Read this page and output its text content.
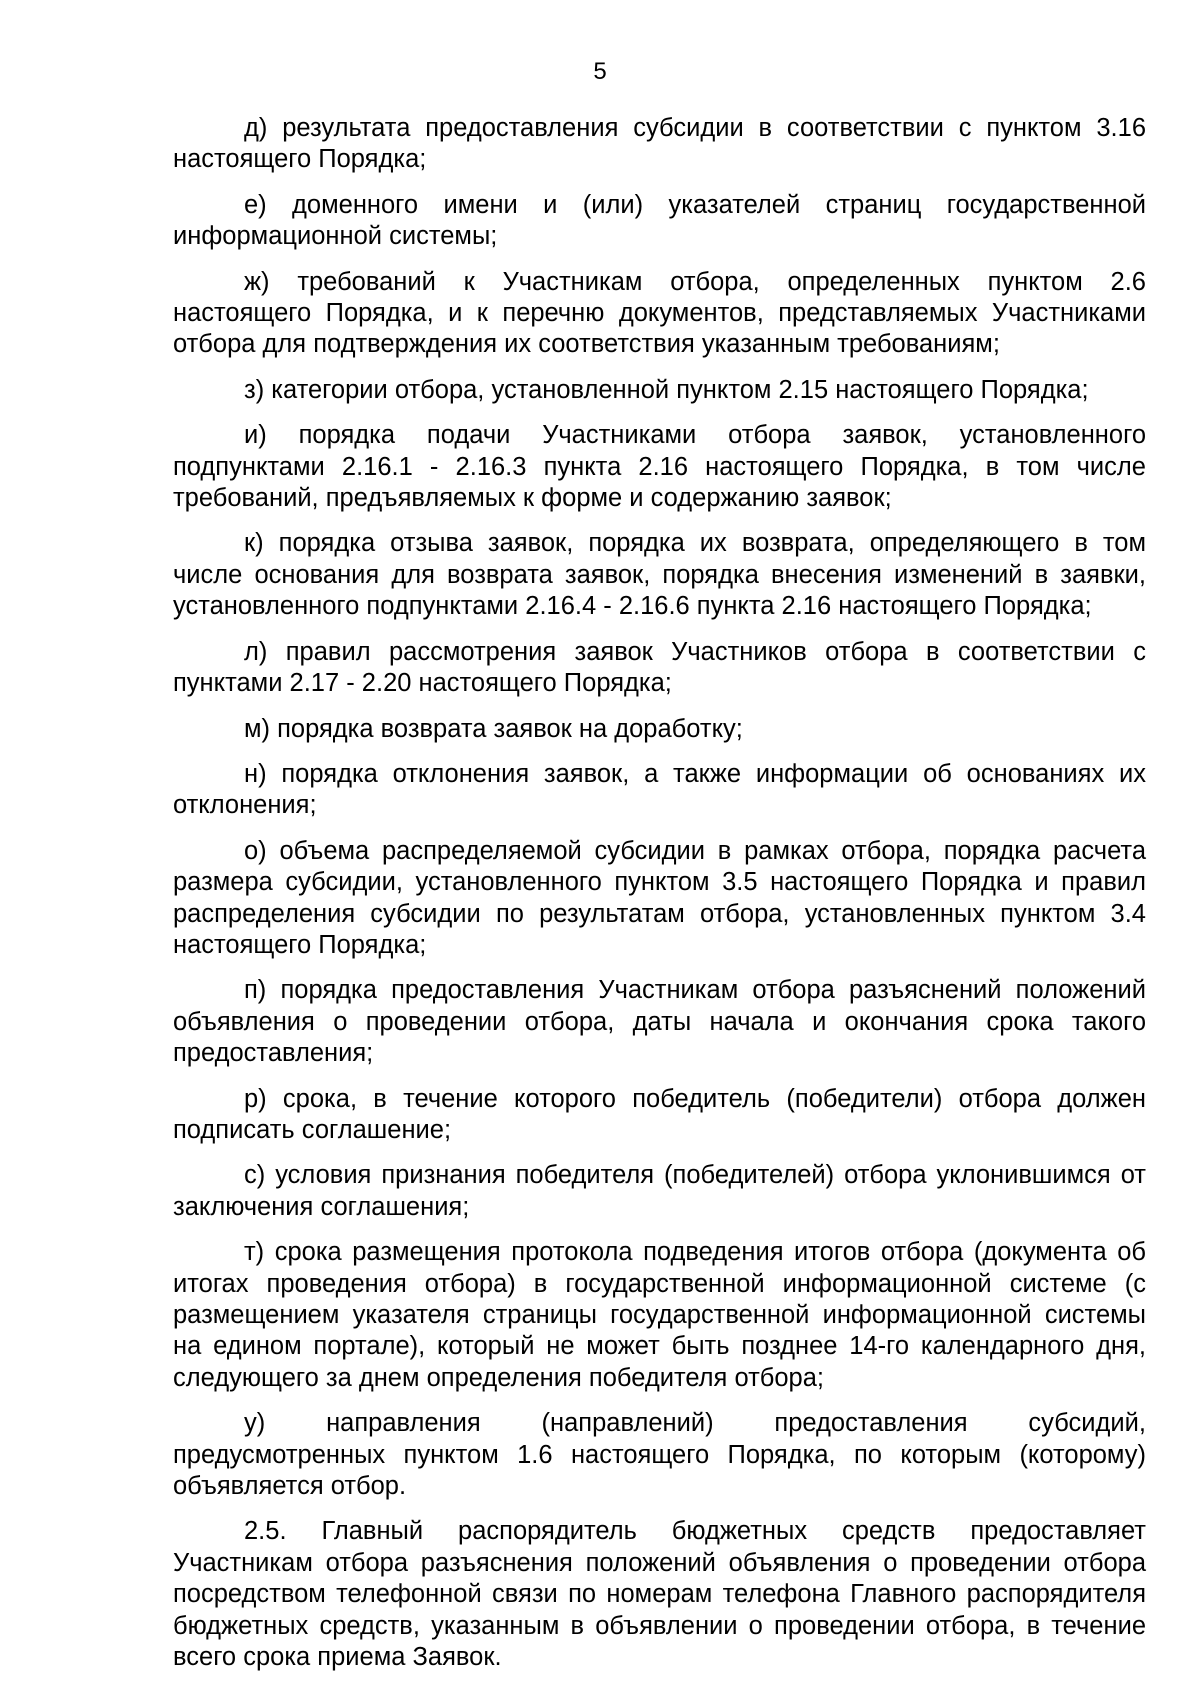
5

д) результата предоставления субсидии в соответствии с пунктом 3.16 настоящего Порядка;

е) доменного имени и (или) указателей страниц государственной информационной системы;

ж) требований к Участникам отбора, определенных пунктом 2.6 настоящего Порядка, и к перечню документов, представляемых Участниками отбора для подтверждения их соответствия указанным требованиям;

з) категории отбора, установленной пунктом 2.15 настоящего Порядка;

и) порядка подачи Участниками отбора заявок, установленного подпунктами 2.16.1 - 2.16.3 пункта 2.16 настоящего Порядка, в том числе требований, предъявляемых к форме и содержанию заявок;

к) порядка отзыва заявок, порядка их возврата, определяющего в том числе основания для возврата заявок, порядка внесения изменений в заявки, установленного подпунктами 2.16.4 - 2.16.6 пункта 2.16 настоящего Порядка;

л) правил рассмотрения заявок Участников отбора в соответствии с пунктами 2.17 - 2.20 настоящего Порядка;

м) порядка возврата заявок на доработку;

н) порядка отклонения заявок, а также информации об основаниях их отклонения;

о) объема распределяемой субсидии в рамках отбора, порядка расчета размера субсидии, установленного пунктом 3.5 настоящего Порядка и правил распределения субсидии по результатам отбора, установленных пунктом 3.4 настоящего Порядка;

п) порядка предоставления Участникам отбора разъяснений положений объявления о проведении отбора, даты начала и окончания срока такого предоставления;

р) срока, в течение которого победитель (победители) отбора должен подписать соглашение;

с) условия признания победителя (победителей) отбора уклонившимся от заключения соглашения;

т) срока размещения протокола подведения итогов отбора (документа об итогах проведения отбора) в государственной информационной системе (с размещением указателя страницы государственной информационной системы на едином портале), который не может быть позднее 14-го календарного дня, следующего за днем определения победителя отбора;

у) направления (направлений) предоставления субсидий, предусмотренных пунктом 1.6 настоящего Порядка, по которым (которому) объявляется отбор.

2.5. Главный распорядитель бюджетных средств предоставляет Участникам отбора разъяснения положений объявления о проведении отбора посредством телефонной связи по номерам телефона Главного распорядителя бюджетных средств, указанным в объявлении о проведении отбора, в течение всего срока приема Заявок.
